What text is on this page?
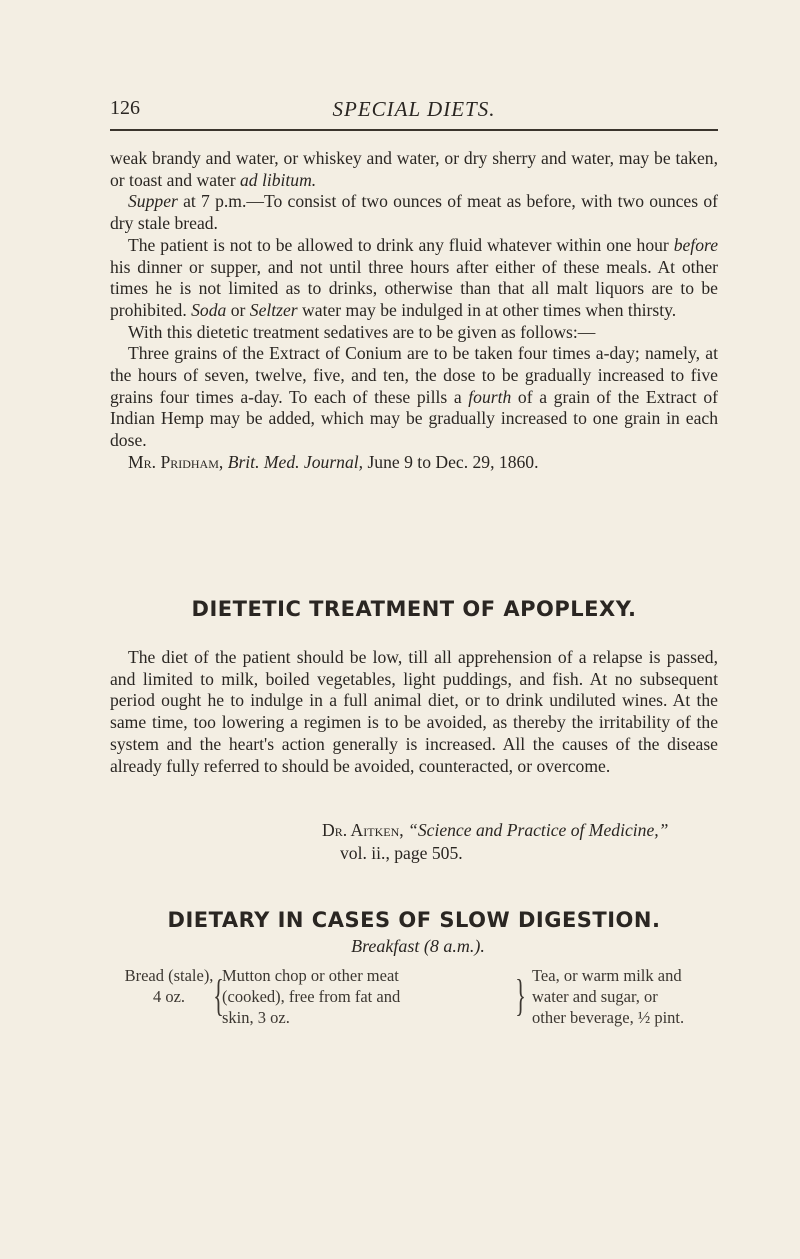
126	SPECIAL DIETS.

weak brandy and water, or whiskey and water, or dry sherry and water, may be taken, or toast and water ad libitum.

Supper at 7 p.m.—To consist of two ounces of meat as before, with two ounces of dry stale bread.

The patient is not to be allowed to drink any fluid whatever within one hour before his dinner or supper, and not until three hours after either of these meals. At other times he is not limited as to drinks, otherwise than that all malt liquors are to be prohibited. Soda or Seltzer water may be indulged in at other times when thirsty.

With this dietetic treatment sedatives are to be given as follows:—

Three grains of the Extract of Conium are to be taken four times a-day; namely, at the hours of seven, twelve, five, and ten, the dose to be gradually increased to five grains four times a-day. To each of these pills a fourth of a grain of the Extract of Indian Hemp may be added, which may be gradually increased to one grain in each dose.

Mr. Pridham, Brit. Med. Journal, June 9 to Dec. 29, 1860.

DIETETIC TREATMENT OF APOPLEXY.

The diet of the patient should be low, till all apprehension of a relapse is passed, and limited to milk, boiled vegetables, light puddings, and fish. At no subsequent period ought he to indulge in a full animal diet, or to drink undiluted wines. At the same time, too lowering a regimen is to be avoided, as thereby the irritability of the system and the heart's action generally is increased. All the causes of the disease already fully referred to should be avoided, counteracted, or overcome.

Dr. Aitken, “Science and Practice of Medicine,”
vol. ii., page 505.
DIETARY IN CASES OF SLOW DIGESTION.
Breakfast (8 a.m.).
Bread (stale),
4 oz. {
Mutton chop or other meat
(cooked), free from fat and
skin, 3 oz.	} Tea, or warm milk and
water and sugar, or
other beverage, ½ pint.
